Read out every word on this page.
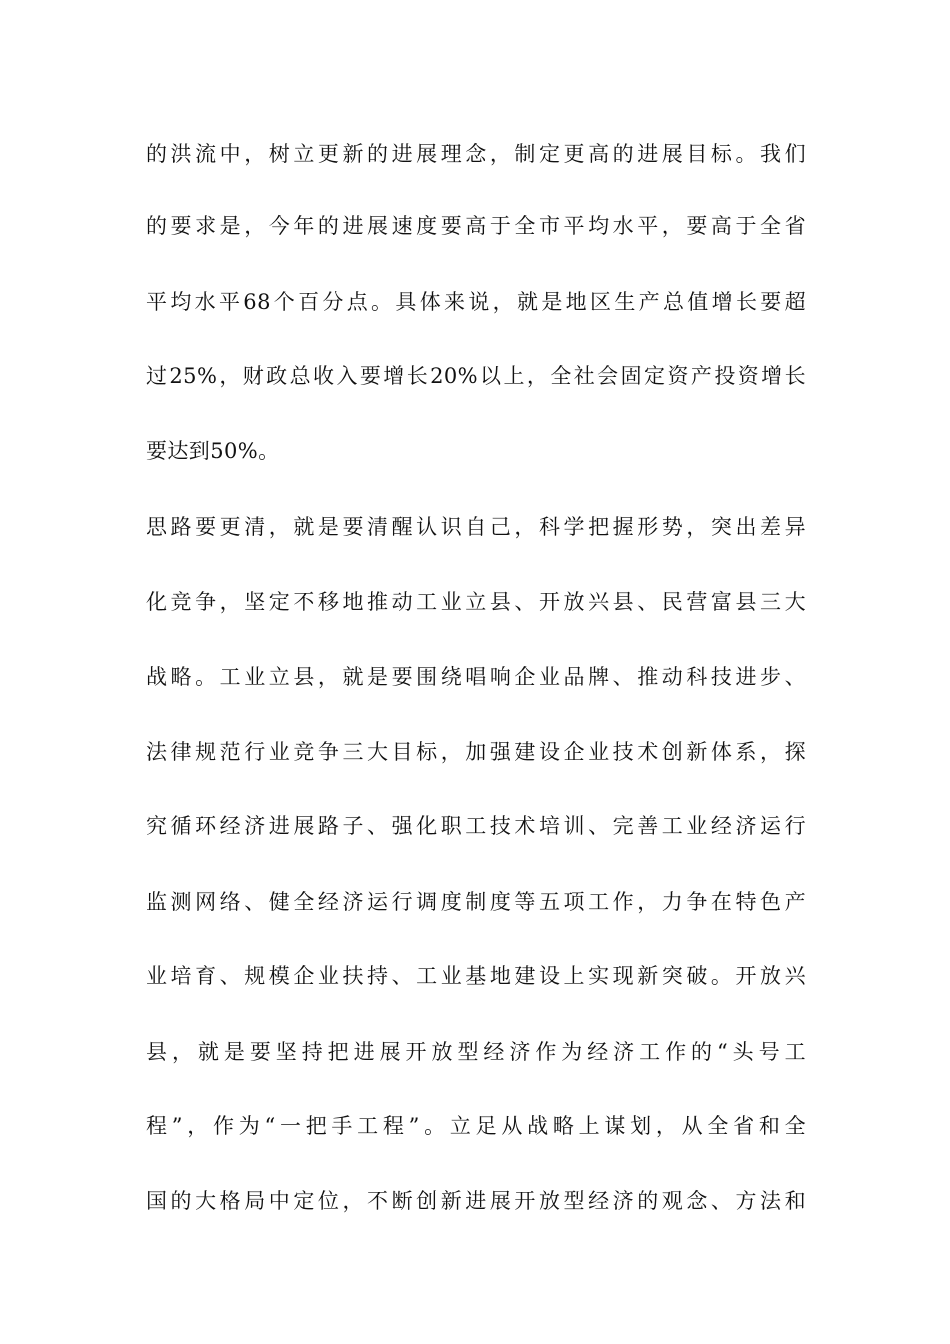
的洪流中，树立更新的进展理念，制定更高的进展目标。我们
的要求是，今年的进展速度要高于全市平均水平，要高于全省
平均水平68个百分点。具体来说，就是地区生产总值增长要超
过25%，财政总收入要增长20%以上，全社会固定资产投资增长
要达到50%。
思路要更清，就是要清醒认识自己，科学把握形势，突出差异
化竞争，坚定不移地推动工业立县、开放兴县、民营富县三大
战略。工业立县，就是要围绕唱响企业品牌、推动科技进步、
法律规范行业竞争三大目标，加强建设企业技术创新体系，探
究循环经济进展路子、强化职工技术培训、完善工业经济运行
监测网络、健全经济运行调度制度等五项工作，力争在特色产
业培育、规模企业扶持、工业基地建设上实现新突破。开放兴
县，就是要坚持把进展开放型经济作为经济工作的“头号工
程”，作为“一把手工程”。立足从战略上谋划，从全省和全
国的大格局中定位，不断创新进展开放型经济的观念、方法和
